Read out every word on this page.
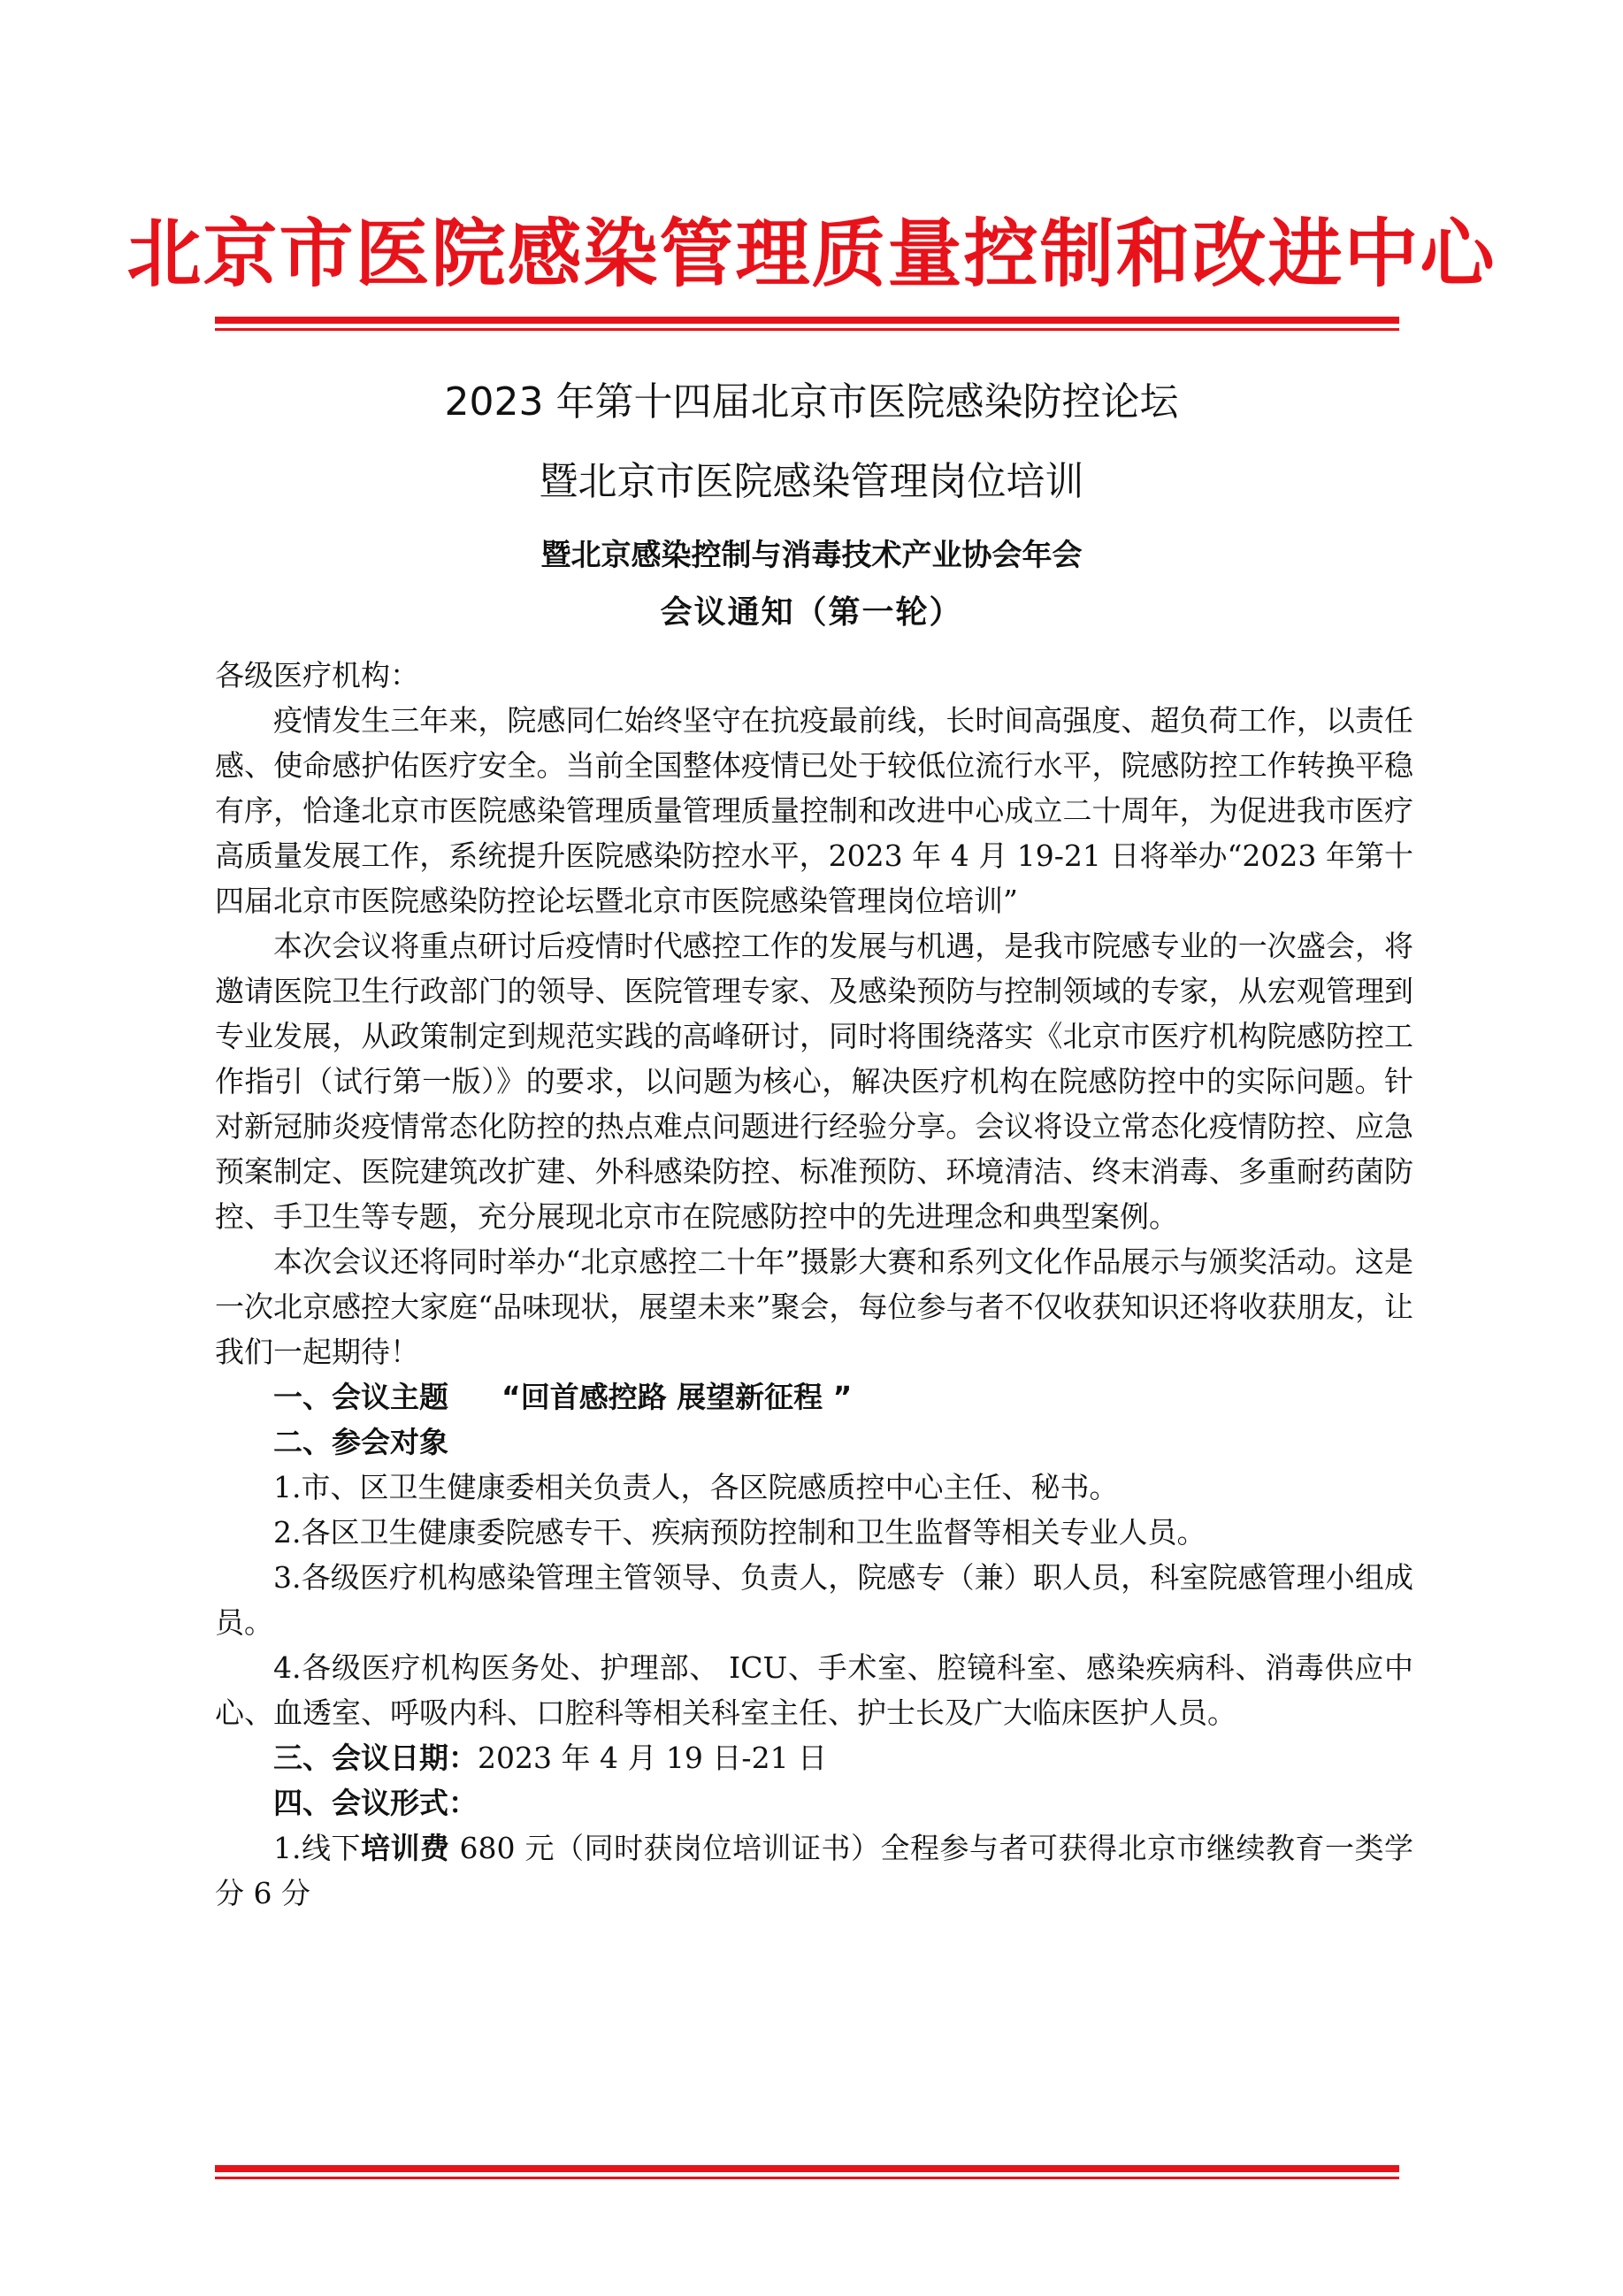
北京市医院感染管理质量控制和改进中心
2023 年第十四届北京市医院感染防控论坛
暨北京市医院感染管理岗位培训
暨北京感染控制与消毒技术产业协会年会
会议通知（第一轮）

各级医疗机构：

疫情发生三年来，院感同仁始终坚守在抗疫最前线，长时间高强度、超负荷工作，以责任感、使命感护佑医疗安全。当前全国整体疫情已处于较低位流行水平，院感防控工作转换平稳有序，恰逢北京市医院感染管理质量管理质量控制和改进中心成立二十周年，为促进我市医疗高质量发展工作，系统提升医院感染防控水平，2023 年 4 月 19-21 日将举办“2023 年第十四届北京市医院感染防控论坛暨北京市医院感染管理岗位培训”

本次会议将重点研讨后疫情时代感控工作的发展与机遇，是我市院感专业的一次盛会，将邀请医院卫生行政部门的领导、医院管理专家、及感染预防与控制领域的专家，从宏观管理到专业发展，从政策制定到规范实践的高峰研讨，同时将围绕落实《北京市医疗机构院感防控工作指引（试行第一版）》的要求，以问题为核心，解决医疗机构在院感防控中的实际问题。针对新冠肺炎疫情常态化防控的热点难点问题进行经验分享。会议将设立常态化疫情防控、应急预案制定、医院建筑改扩建、外科感染防控、标准预防、环境清洁、终末消毒、多重耐药菌防控、手卫生等专题，充分展现北京市在院感防控中的先进理念和典型案例。

本次会议还将同时举办“北京感控二十年”摄影大赛和系列文化作品展示与颁奖活动。这是一次北京感控大家庭“品味现状，展望未来”聚会，每位参与者不仅收获知识还将收获朋友，让我们一起期待！

一、会议主题 “回首感控路 展望新征程 ”

二、参会对象

1.市、区卫生健康委相关负责人，各区院感质控中心主任、秘书。

2.各区卫生健康委院感专干、疾病预防控制和卫生监督等相关专业人员。

3.各级医疗机构感染管理主管领导、负责人，院感专（兼）职人员，科室院感管理小组成员。

4.各级医疗机构医务处、护理部、 ICU、手术室、腔镜科室、感染疾病科、消毒供应中心、血透室、呼吸内科、口腔科等相关科室主任、护士长及广大临床医护人员。

三、会议日期：2023 年 4 月 19 日-21 日

四、会议形式：

1.线下培训费 680 元（同时获岗位培训证书）全程参与者可获得北京市继续教育一类学分 6 分
